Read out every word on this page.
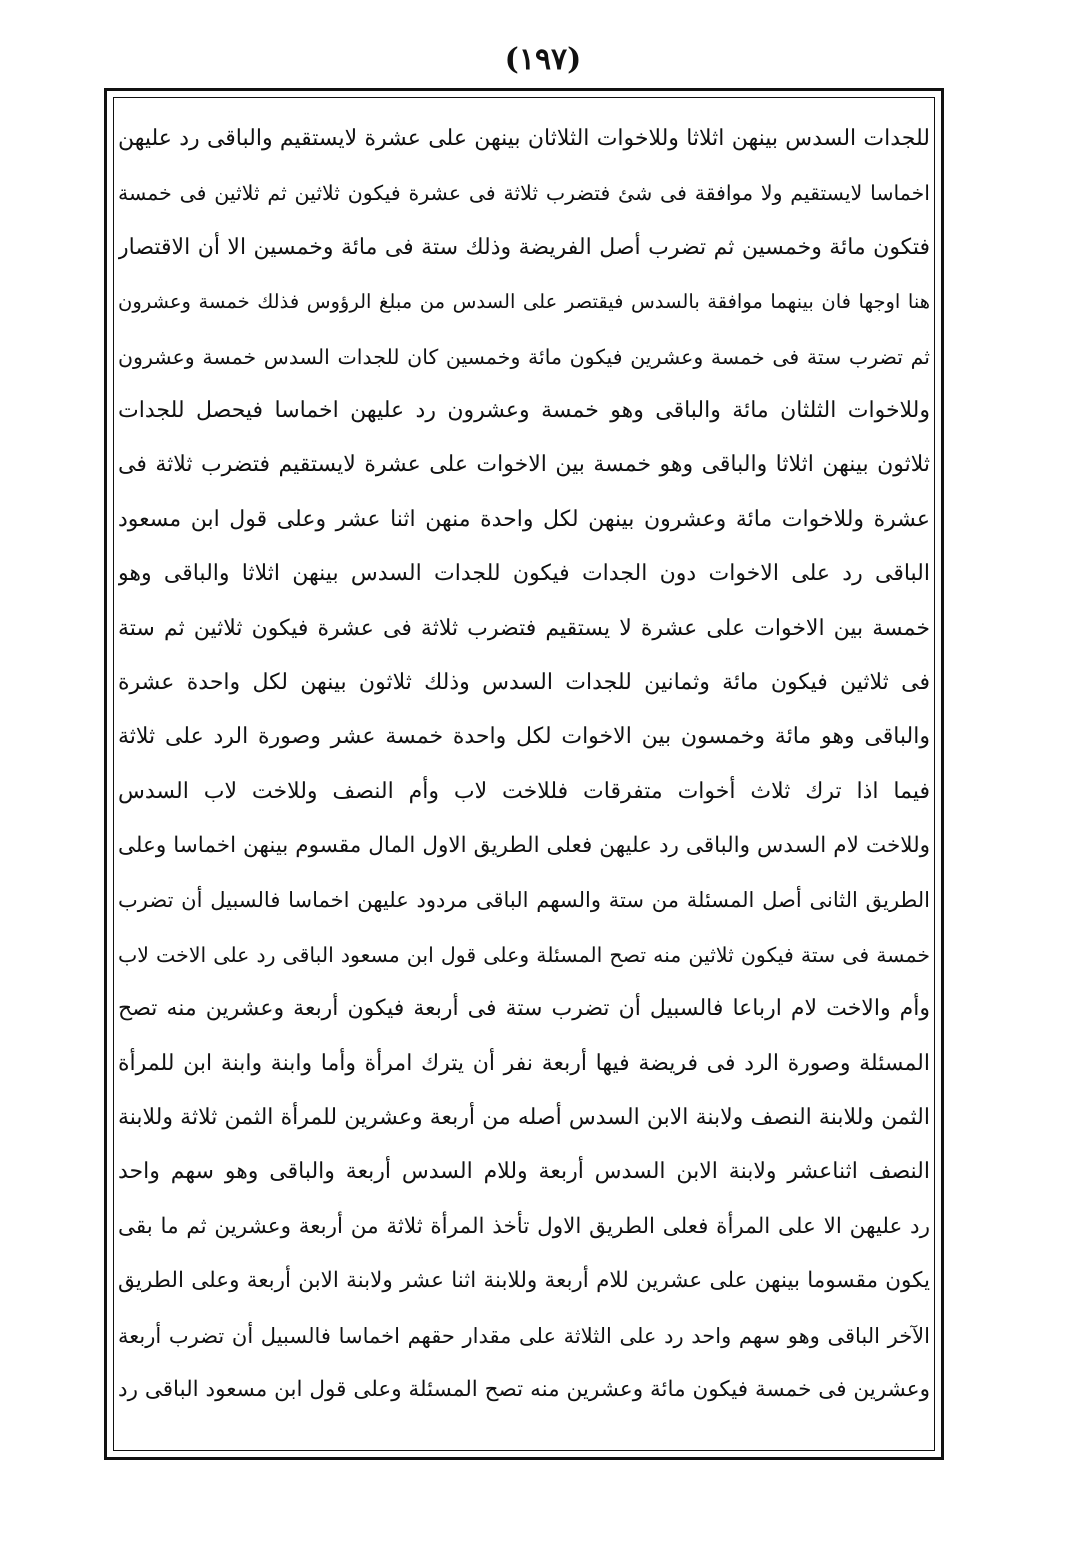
(١٩٧)
للجدات السدس بينهن اثلاثا وللاخوات الثلاثان بينهن على عشرة لايستقيم والباقى رد عليهن
اخماسا لايستقيم ولا موافقة فى شئ فتضرب ثلاثة فى عشرة فيكون ثلاثين ثم ثلاثين فى خمسة
فتكون مائة وخمسين ثم تضرب أصل الفريضة وذلك ستة فى مائة وخمسين الا أن الاقتصار
هنا اوجها فان بينهما موافقة بالسدس فيقتصر على السدس من مبلغ الرؤوس فذلك خمسة وعشرون
ثم تضرب ستة فى خمسة وعشرين فيكون مائة وخمسين كان للجدات السدس خمسة وعشرون
وللاخوات الثلثان مائة والباقى وهو خمسة وعشرون رد عليهن اخماسا فيحصل للجدات
ثلاثون بينهن اثلاثا والباقى وهو خمسة بين الاخوات على عشرة لايستقيم فتضرب ثلاثة فى
عشرة وللاخوات مائة وعشرون بينهن لكل واحدة منهن اثنا عشر وعلى قول ابن مسعود
الباقى رد على الاخوات دون الجدات فيكون للجدات السدس بينهن اثلاثا والباقى وهو
خمسة بين الاخوات على عشرة لا يستقيم فتضرب ثلاثة فى عشرة فيكون ثلاثين ثم ستة
فى ثلاثين فيكون مائة وثمانين للجدات السدس وذلك ثلاثون بينهن لكل واحدة عشرة
والباقى وهو مائة وخمسون بين الاخوات لكل واحدة خمسة عشر وصورة الرد على ثلاثة
فيما اذا ترك ثلاث أخوات متفرقات فللاخت لاب وأم النصف وللاخت لاب السدس
وللاخت لام السدس والباقى رد عليهن فعلى الطريق الاول المال مقسوم بينهن اخماسا وعلى
الطريق الثانى أصل المسئلة من ستة والسهم الباقى مردود عليهن اخماسا فالسبيل أن تضرب
خمسة فى ستة فيكون ثلاثين منه تصح المسئلة وعلى قول ابن مسعود الباقى رد على الاخت لاب
وأم والاخت لام ارباعا فالسبيل أن تضرب ستة فى أربعة فيكون أربعة وعشرين منه تصح
المسئلة وصورة الرد فى فريضة فيها أربعة نفر أن يترك امرأة وأما وابنة وابنة ابن للمرأة
الثمن وللابنة النصف ولابنة الابن السدس أصله من أربعة وعشرين للمرأة الثمن ثلاثة وللابنة
النصف اثناعشر ولابنة الابن السدس أربعة وللام السدس أربعة والباقى وهو سهم واحد
رد عليهن الا على المرأة فعلى الطريق الاول تأخذ المرأة ثلاثة من أربعة وعشرين ثم ما بقى
يكون مقسوما بينهن على عشرين للام أربعة وللابنة اثنا عشر ولابنة الابن أربعة وعلى الطريق
الآخر الباقى وهو سهم واحد رد على الثلاثة على مقدار حقهم اخماسا فالسبيل أن تضرب أربعة
وعشرين فى خمسة فيكون مائة وعشرين منه تصح المسئلة وعلى قول ابن مسعود الباقى رد
